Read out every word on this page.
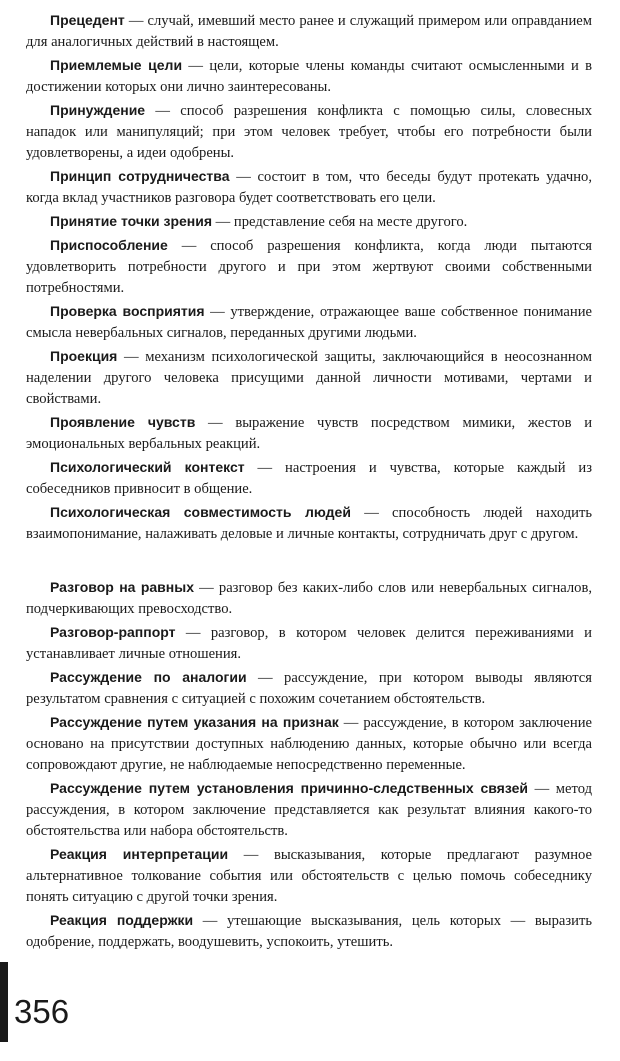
Прецедент — случай, имевший место ранее и служащий примером или оправданием для аналогичных действий в настоящем.

Приемлемые цели — цели, которые члены команды считают осмысленными и в достижении которых они лично заинтересованы.

Принуждение — способ разрешения конфликта с помощью силы, словесных нападок или манипуляций; при этом человек требует, чтобы его потребности были удовлетворены, а идеи одобрены.

Принцип сотрудничества — состоит в том, что беседы будут протекать удачно, когда вклад участников разговора будет соответствовать его цели.

Принятие точки зрения — представление себя на месте другого.

Приспособление — способ разрешения конфликта, когда люди пытаются удовлетворить потребности другого и при этом жертвуют своими собственными потребностями.

Проверка восприятия — утверждение, отражающее ваше собственное понимание смысла невербальных сигналов, переданных другими людьми.

Проекция — механизм психологической защиты, заключающийся в неосознанном наделении другого человека присущими данной личности мотивами, чертами и свойствами.

Проявление чувств — выражение чувств посредством мимики, жестов и эмоциональных вербальных реакций.

Психологический контекст — настроения и чувства, которые каждый из собеседников привносит в общение.

Психологическая совместимость людей — способность людей находить взаимопонимание, налаживать деловые и личные контакты, сотрудничать друг с другом.

Разговор на равных — разговор без каких-либо слов или невербальных сигналов, подчеркивающих превосходство.

Разговор-раппорт — разговор, в котором человек делится переживаниями и устанавливает личные отношения.

Рассуждение по аналогии — рассуждение, при котором выводы являются результатом сравнения с ситуацией с похожим сочетанием обстоятельств.

Рассуждение путем указания на признак — рассуждение, в котором заключение основано на присутствии доступных наблюдению данных, которые обычно или всегда сопровождают другие, не наблюдаемые непосредственно переменные.

Рассуждение путем установления причинно-следственных связей — метод рассуждения, в котором заключение представляется как результат влияния какого-то обстоятельства или набора обстоятельств.

Реакция интерпретации — высказывания, которые предлагают разумное альтернативное толкование события или обстоятельств с целью помочь собеседнику понять ситуацию с другой точки зрения.

Реакция поддержки — утешающие высказывания, цель которых — выразить одобрение, поддержать, воодушевить, успокоить, утешить.

356
